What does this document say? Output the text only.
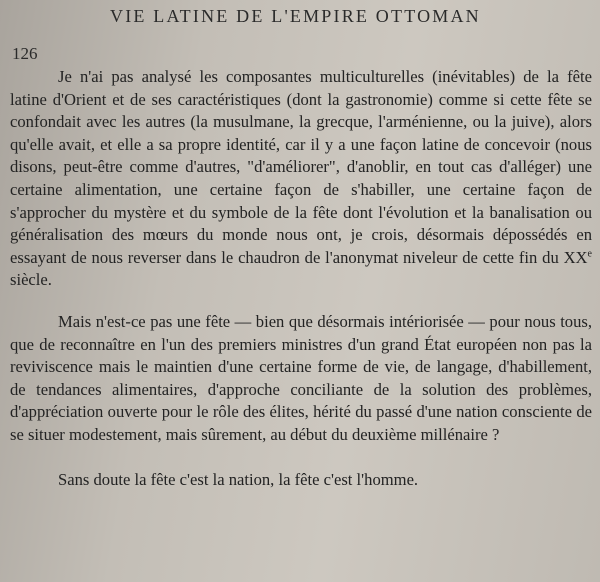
VIE LATINE DE L'EMPIRE OTTOMAN
126

Je n'ai pas analysé les composantes multiculturelles (inévitables) de la fête latine d'Orient et de ses caractéristiques (dont la gastronomie) comme si cette fête se confondait avec les autres (la musulmane, la grecque, l'arménienne, ou la juive), alors qu'elle avait, et elle a sa propre identité, car il y a une façon latine de concevoir (nous disons, peut-être comme d'autres, "d'améliorer", d'anoblir, en tout cas d'alléger) une certaine alimentation, une certaine façon de s'habiller, une certaine façon de s'approcher du mystère et du symbole de la fête dont l'évolution et la banalisation ou généralisation des mœurs du monde nous ont, je crois, désormais dépossédés en essayant de nous reverser dans le chaudron de l'anonymat niveleur de cette fin du XXe siècle.

Mais n'est-ce pas une fête — bien que désormais intériorisée — pour nous tous, que de reconnaître en l'un des premiers ministres d'un grand État européen non pas la reviviscence mais le maintien d'une certaine forme de vie, de langage, d'habillement, de tendances alimentaires, d'approche conciliante de la solution des problèmes, d'appréciation ouverte pour le rôle des élites, hérité du passé d'une nation consciente de se situer modestement, mais sûrement, au début du deuxième millénaire ?

Sans doute la fête c'est la nation, la fête c'est l'homme.
